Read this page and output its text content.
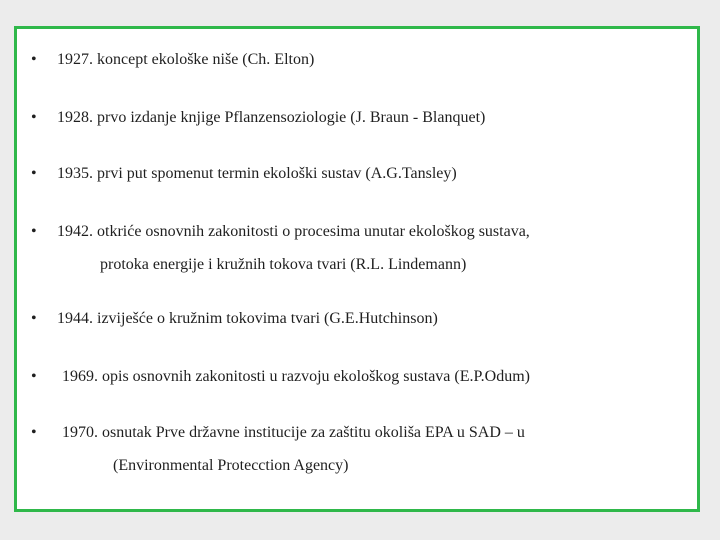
• 1927. koncept ekološke niše (Ch. Elton)
• 1928. prvo izdanje knjige Pflanzensoziologie (J. Braun - Blanquet)
• 1935. prvi put spomenut termin ekološki sustav (A.G.Tansley)
• 1942. otkriće osnovnih zakonitosti o procesima unutar ekološkog sustava,
protoka energije i kružnih tokova tvari (R.L. Lindemann)
• 1944. izviješće o kružnim tokovima tvari (G.E.Hutchinson)
• 1969. opis osnovnih zakonitosti u razvoju ekološkog sustava (E.P.Odum)
• 1970. osnutak Prve državne institucije za zaštitu okoliša EPA u SAD – u
(Environmental Protecction Agency)
